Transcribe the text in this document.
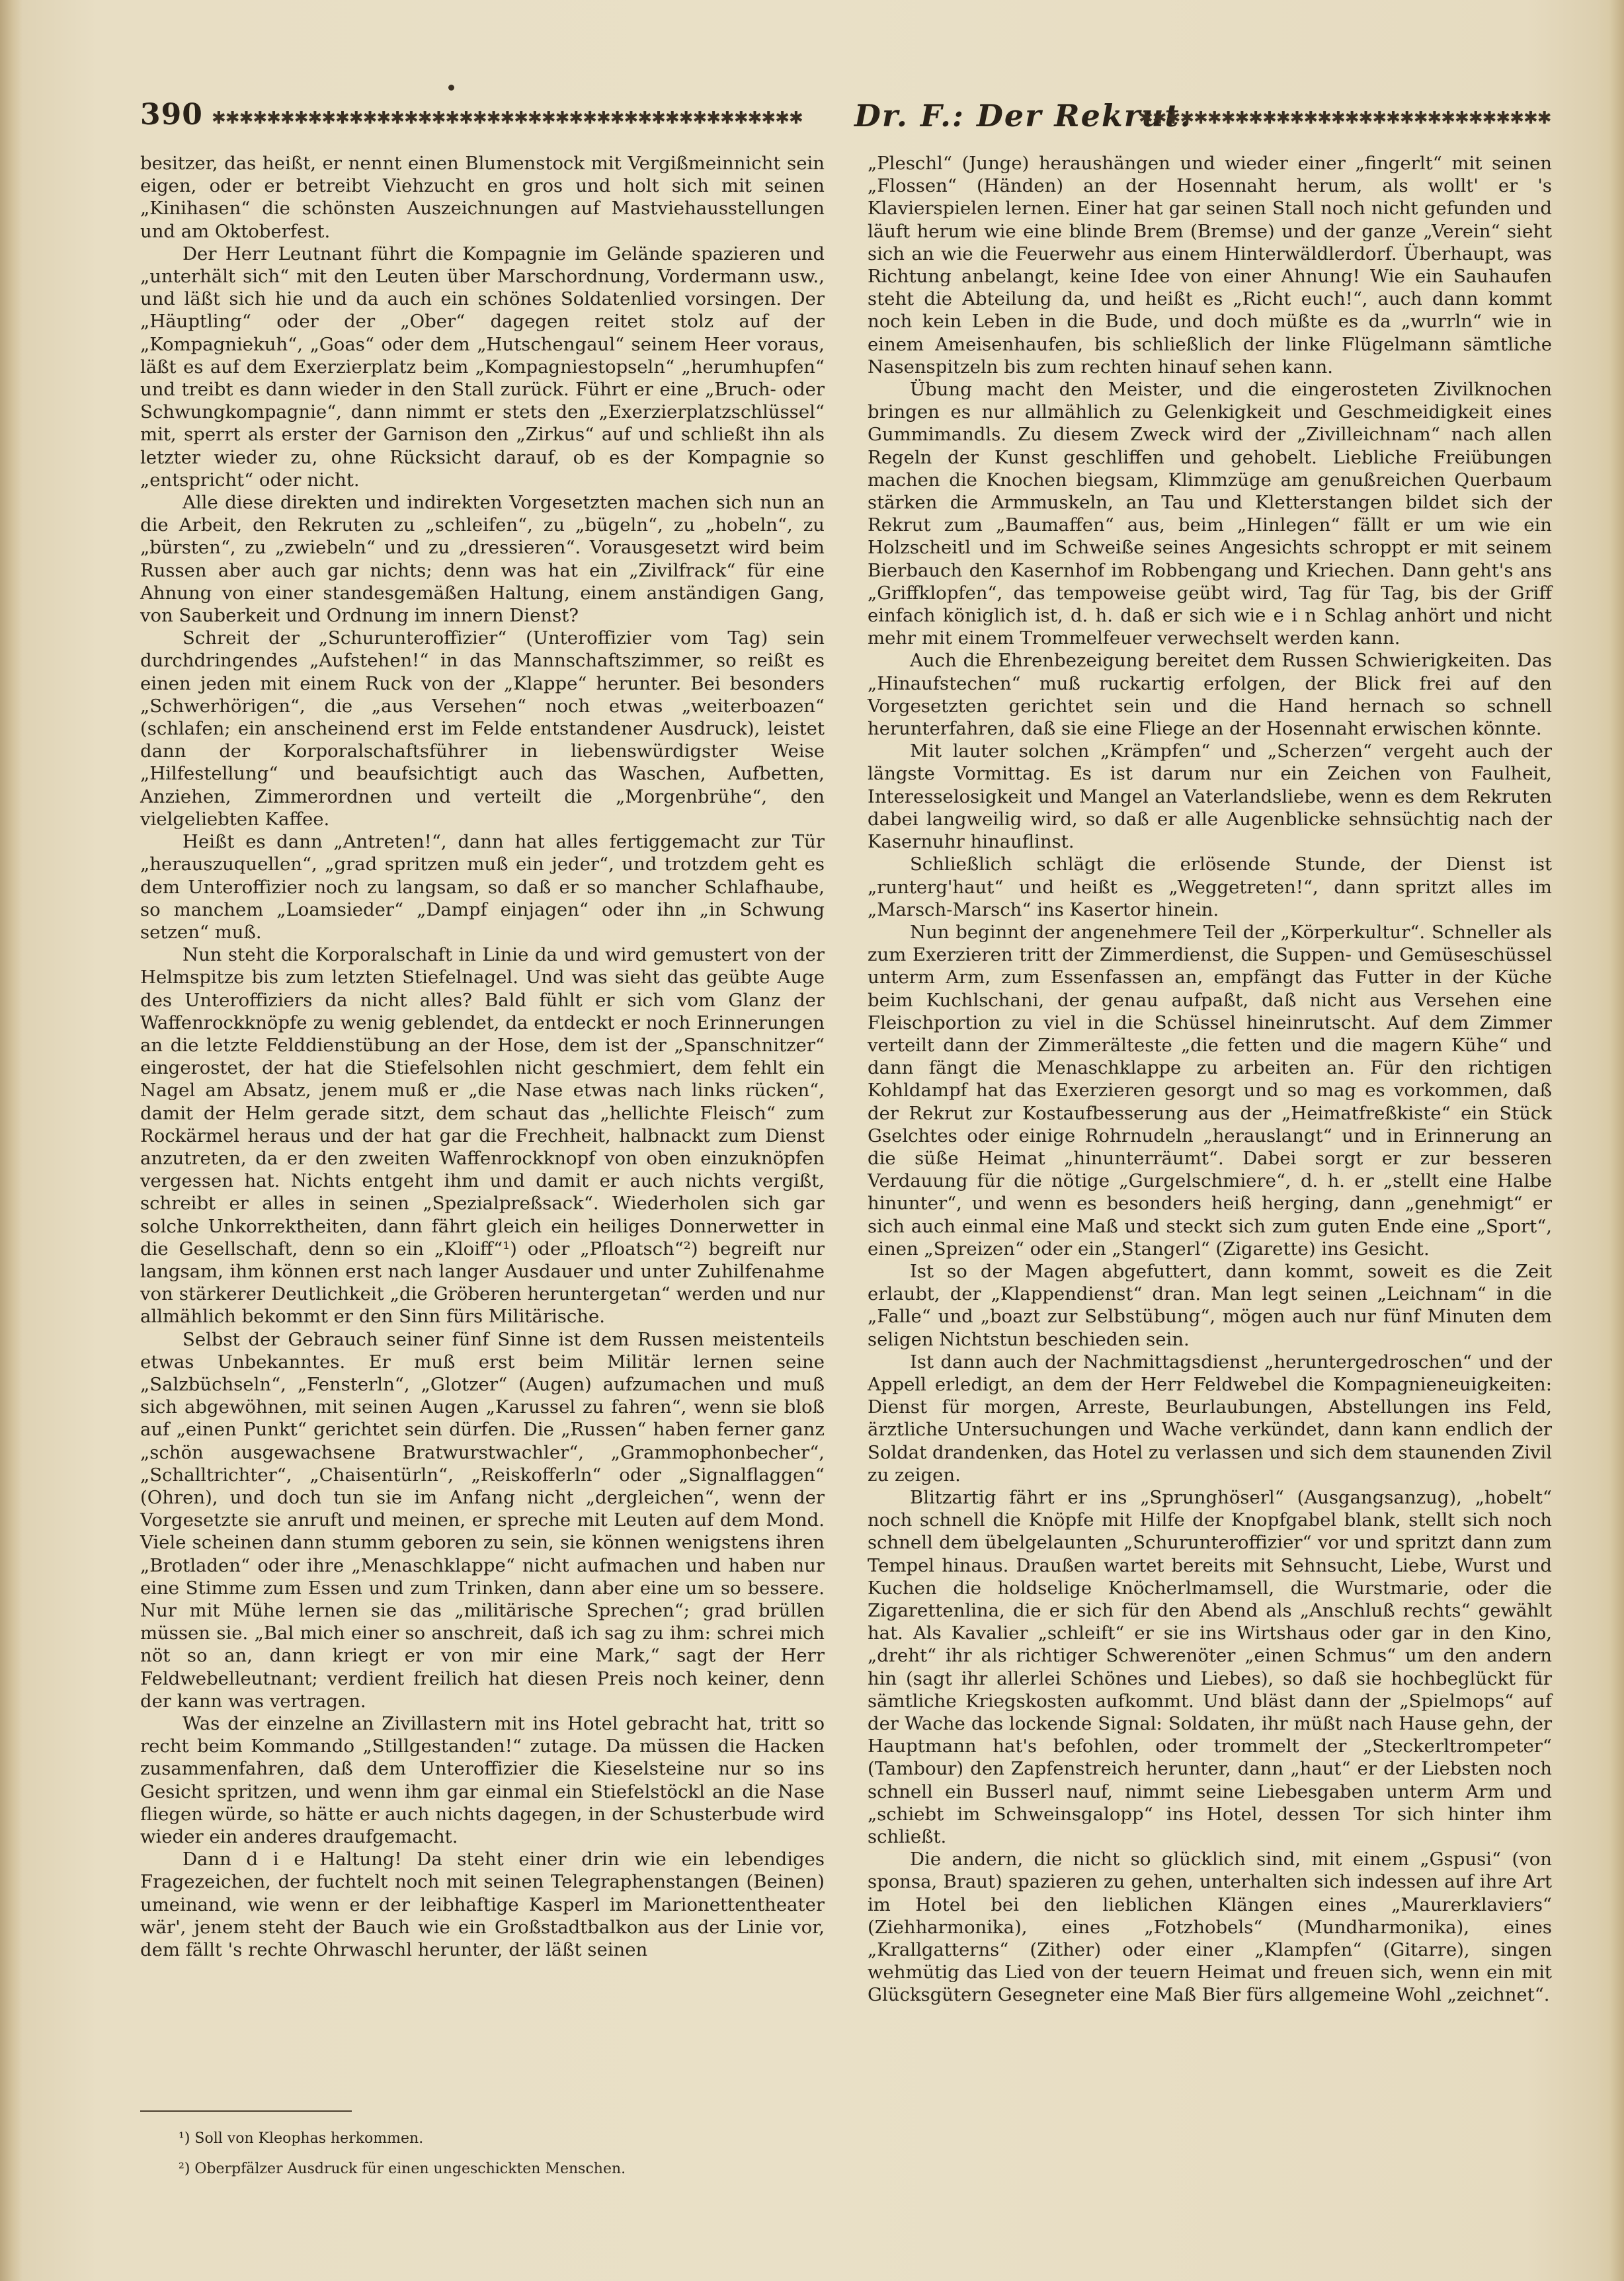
390 ✱✱✱✱✱✱✱✱✱✱✱✱✱✱✱✱✱✱✱✱✱✱✱✱✱✱✱✱✱✱✱✱✱✱✱✱✱✱✱✱✱✱✱	Dr. F.: Der Rekrut.
✱✱✱✱✱✱✱✱✱✱✱✱✱✱✱✱✱✱✱✱✱✱✱✱✱✱✱✱✱✱

besitzer, das heißt, er nennt einen Blumenstock mit Vergißmeinnicht sein eigen, oder er betreibt Viehzucht en gros und holt sich mit seinen „Kinihasen“ die schönsten Auszeichnungen auf Mastviehausstellungen und am Oktoberfest.

Der Herr Leutnant führt die Kompagnie im Gelände spazieren und „unterhält sich“ mit den Leuten über Marschordnung, Vordermann usw., und läßt sich hie und da auch ein schönes Soldatenlied vorsingen. Der „Häuptling“ oder der „Ober“ dagegen reitet stolz auf der „Kompagniekuh“, „Goas“ oder dem „Hutschengaul“ seinem Heer voraus, läßt es auf dem Exerzierplatz beim „Kompagniestopseln“ „herumhupfen“ und treibt es dann wieder in den Stall zurück. Führt er eine „Bruch- oder Schwungkompagnie“, dann nimmt er stets den „Exerzierplatzschlüssel“ mit, sperrt als erster der Garnison den „Zirkus“ auf und schließt ihn als letzter wieder zu, ohne Rücksicht darauf, ob es der Kompagnie so „entspricht“ oder nicht.

Alle diese direkten und indirekten Vorgesetzten machen sich nun an die Arbeit, den Rekruten zu „schleifen“, zu „bügeln“, zu „hobeln“, zu „bürsten“, zu „zwiebeln“ und zu „dressieren“. Vorausgesetzt wird beim Russen aber auch gar nichts; denn was hat ein „Zivilfrack“ für eine Ahnung von einer standesgemäßen Haltung, einem anständigen Gang, von Sauberkeit und Ordnung im innern Dienst?

Schreit der „Schurunteroffizier“ (Unteroffizier vom Tag) sein durchdringendes „Aufstehen!“ in das Mannschaftszimmer, so reißt es einen jeden mit einem Ruck von der „Klappe“ herunter. Bei besonders „Schwerhörigen“, die „aus Versehen“ noch etwas „weiterboazen“ (schlafen; ein anscheinend erst im Felde entstandener Ausdruck), leistet dann der Korporalschaftsführer in liebenswürdigster Weise „Hilfestellung“ und beaufsichtigt auch das Waschen, Aufbetten, Anziehen, Zimmerordnen und verteilt die „Morgenbrühe“, den vielgeliebten Kaffee.

Heißt es dann „Antreten!“, dann hat alles fertiggemacht zur Tür „herauszuquellen“, „grad spritzen muß ein jeder“, und trotzdem geht es dem Unteroffizier noch zu langsam, so daß er so mancher Schlafhaube, so manchem „Loamsieder“ „Dampf einjagen“ oder ihn „in Schwung setzen“ muß.

Nun steht die Korporalschaft in Linie da und wird gemustert von der Helmspitze bis zum letzten Stiefelnagel. Und was sieht das geübte Auge des Unteroffiziers da nicht alles? Bald fühlt er sich vom Glanz der Waffenrockknöpfe zu wenig geblendet, da entdeckt er noch Erinnerungen an die letzte Felddienstübung an der Hose, dem ist der „Spanschnitzer“ eingerostet, der hat die Stiefelsohlen nicht geschmiert, dem fehlt ein Nagel am Absatz, jenem muß er „die Nase etwas nach links rücken“, damit der Helm gerade sitzt, dem schaut das „hellichte Fleisch“ zum Rockärmel heraus und der hat gar die Frechheit, halbnackt zum Dienst anzutreten, da er den zweiten Waffenrockknopf von oben einzuknöpfen vergessen hat. Nichts entgeht ihm und damit er auch nichts vergißt, schreibt er alles in seinen „Spezialpreßsack“. Wiederholen sich gar solche Unkorrektheiten, dann fährt gleich ein heiliges Donnerwetter in die Gesellschaft, denn so ein „Kloiff“¹) oder „Pfloatsch“²) begreift nur langsam, ihm können erst nach langer Ausdauer und unter Zuhilfenahme von stärkerer Deutlichkeit „die Gröberen heruntergetan“ werden und nur allmählich bekommt er den Sinn fürs Militärische.

Selbst der Gebrauch seiner fünf Sinne ist dem Russen meistenteils etwas Unbekanntes. Er muß erst beim Militär lernen seine „Salzbüchseln“, „Fensterln“, „Glotzer“ (Augen) aufzumachen und muß sich abgewöhnen, mit seinen Augen „Karussel zu fahren“, wenn sie bloß auf „einen Punkt“ gerichtet sein dürfen. Die „Russen“ haben ferner ganz „schön ausgewachsene Bratwurstwachler“, „Grammophonbecher“, „Schalltrichter“, „Chaisentürln“, „Reiskofferln“ oder „Signalflaggen“ (Ohren), und doch tun sie im Anfang nicht „dergleichen“, wenn der Vorgesetzte sie anruft und meinen, er spreche mit Leuten auf dem Mond. Viele scheinen dann stumm geboren zu sein, sie können wenigstens ihren „Brotladen“ oder ihre „Menaschklappe“ nicht aufmachen und haben nur eine Stimme zum Essen und zum Trinken, dann aber eine um so bessere. Nur mit Mühe lernen sie das „militärische Sprechen“; grad brüllen müssen sie. „Bal mich einer so anschreit, daß ich sag zu ihm: schrei mich nöt so an, dann kriegt er von mir eine Mark,“ sagt der Herr Feldwebelleutnant; verdient freilich hat diesen Preis noch keiner, denn der kann was vertragen.

Was der einzelne an Zivillastern mit ins Hotel gebracht hat, tritt so recht beim Kommando „Stillgestanden!“ zutage. Da müssen die Hacken zusammenfahren, daß dem Unteroffizier die Kieselsteine nur so ins Gesicht spritzen, und wenn ihm gar einmal ein Stiefelstöckl an die Nase fliegen würde, so hätte er auch nichts dagegen, in der Schusterbude wird wieder ein anderes draufgemacht.

Dann d i e Haltung! Da steht einer drin wie ein lebendiges Fragezeichen, der fuchtelt noch mit seinen Telegraphenstangen (Beinen) umeinand, wie wenn er der leibhaftige Kasperl im Marionettentheater wär', jenem steht der Bauch wie ein Großstadtbalkon aus der Linie vor, dem fällt 's rechte Ohrwaschl herunter, der läßt seinen

„Pleschl“ (Junge) heraushängen und wieder einer „fingerlt“ mit seinen „Flossen“ (Händen) an der Hosennaht herum, als wollt' er 's Klavierspielen lernen. Einer hat gar seinen Stall noch nicht gefunden und läuft herum wie eine blinde Brem (Bremse) und der ganze „Verein“ sieht sich an wie die Feuerwehr aus einem Hinterwäldlerdorf. Überhaupt, was Richtung anbelangt, keine Idee von einer Ahnung! Wie ein Sauhaufen steht die Abteilung da, und heißt es „Richt euch!“, auch dann kommt noch kein Leben in die Bude, und doch müßte es da „wurrln“ wie in einem Ameisenhaufen, bis schließlich der linke Flügelmann sämtliche Nasenspitzeln bis zum rechten hinauf sehen kann.

Übung macht den Meister, und die eingerosteten Zivilknochen bringen es nur allmählich zu Gelenkigkeit und Geschmeidigkeit eines Gummimandls. Zu diesem Zweck wird der „Zivilleichnam“ nach allen Regeln der Kunst geschliffen und gehobelt. Liebliche Freiübungen machen die Knochen biegsam, Klimmzüge am genußreichen Querbaum stärken die Armmuskeln, an Tau und Kletterstangen bildet sich der Rekrut zum „Baumaffen“ aus, beim „Hinlegen“ fällt er um wie ein Holzscheitl und im Schweiße seines Angesichts schroppt er mit seinem Bierbauch den Kasernhof im Robbengang und Kriechen. Dann geht's ans „Griffklopfen“, das tempoweise geübt wird, Tag für Tag, bis der Griff einfach königlich ist, d. h. daß er sich wie e i n Schlag anhört und nicht mehr mit einem Trommelfeuer verwechselt werden kann.

Auch die Ehrenbezeigung bereitet dem Russen Schwierigkeiten. Das „Hinaufstechen“ muß ruckartig erfolgen, der Blick frei auf den Vorgesetzten gerichtet sein und die Hand hernach so schnell herunterfahren, daß sie eine Fliege an der Hosennaht erwischen könnte.

Mit lauter solchen „Krämpfen“ und „Scherzen“ vergeht auch der längste Vormittag. Es ist darum nur ein Zeichen von Faulheit, Interesselosigkeit und Mangel an Vaterlandsliebe, wenn es dem Rekruten dabei langweilig wird, so daß er alle Augenblicke sehnsüchtig nach der Kasernuhr hinauflinst.

Schließlich schlägt die erlösende Stunde, der Dienst ist „runterg'haut“ und heißt es „Weggetreten!“, dann spritzt alles im „Marsch-Marsch“ ins Kasertor hinein.

Nun beginnt der angenehmere Teil der „Körperkultur“. Schneller als zum Exerzieren tritt der Zimmerdienst, die Suppen- und Gemüseschüssel unterm Arm, zum Essenfassen an, empfängt das Futter in der Küche beim Kuchlschani, der genau aufpaßt, daß nicht aus Versehen eine Fleischportion zu viel in die Schüssel hineinrutscht. Auf dem Zimmer verteilt dann der Zimmerälteste „die fetten und die magern Kühe“ und dann fängt die Menaschklappe zu arbeiten an. Für den richtigen Kohldampf hat das Exerzieren gesorgt und so mag es vorkommen, daß der Rekrut zur Kostaufbesserung aus der „Heimatfreßkiste“ ein Stück Gselchtes oder einige Rohrnudeln „herauslangt“ und in Erinnerung an die süße Heimat „hinunterräumt“. Dabei sorgt er zur besseren Verdauung für die nötige „Gurgelschmiere“, d. h. er „stellt eine Halbe hinunter“, und wenn es besonders heiß herging, dann „genehmigt“ er sich auch einmal eine Maß und steckt sich zum guten Ende eine „Sport“, einen „Spreizen“ oder ein „Stangerl“ (Zigarette) ins Gesicht.

Ist so der Magen abgefuttert, dann kommt, soweit es die Zeit erlaubt, der „Klappendienst“ dran. Man legt seinen „Leichnam“ in die „Falle“ und „boazt zur Selbstübung“, mögen auch nur fünf Minuten dem seligen Nichtstun beschieden sein.

Ist dann auch der Nachmittagsdienst „heruntergedroschen“ und der Appell erledigt, an dem der Herr Feldwebel die Kompagnieneuigkeiten: Dienst für morgen, Arreste, Beurlaubungen, Abstellungen ins Feld, ärztliche Untersuchungen und Wache verkündet, dann kann endlich der Soldat drandenken, das Hotel zu verlassen und sich dem staunenden Zivil zu zeigen.

Blitzartig fährt er ins „Sprunghöserl“ (Ausgangsanzug), „hobelt“ noch schnell die Knöpfe mit Hilfe der Knopfgabel blank, stellt sich noch schnell dem übelgelaunten „Schurunteroffizier“ vor und spritzt dann zum Tempel hinaus. Draußen wartet bereits mit Sehnsucht, Liebe, Wurst und Kuchen die holdselige Knöcherlmamsell, die Wurstmarie, oder die Zigarettenlina, die er sich für den Abend als „Anschluß rechts“ gewählt hat. Als Kavalier „schleift“ er sie ins Wirtshaus oder gar in den Kino, „dreht“ ihr als richtiger Schwerenöter „einen Schmus“ um den andern hin (sagt ihr allerlei Schönes und Liebes), so daß sie hochbeglückt für sämtliche Kriegskosten aufkommt. Und bläst dann der „Spielmops“ auf der Wache das lockende Signal: Soldaten, ihr müßt nach Hause gehn, der Hauptmann hat's befohlen, oder trommelt der „Steckerltrompeter“ (Tambour) den Zapfenstreich herunter, dann „haut“ er der Liebsten noch schnell ein Busserl nauf, nimmt seine Liebesgaben unterm Arm und „schiebt im Schweinsgalopp“ ins Hotel, dessen Tor sich hinter ihm schließt.

Die andern, die nicht so glücklich sind, mit einem „Gspusi“ (von sponsa, Braut) spazieren zu gehen, unterhalten sich indessen auf ihre Art im Hotel bei den lieblichen Klängen eines „Maurerklaviers“ (Ziehharmonika), eines „Fotzhobels“ (Mundharmonika), eines „Krallgatterns“ (Zither) oder einer „Klampfen“ (Gitarre), singen wehmütig das Lied von der teuern Heimat und freuen sich, wenn ein mit Glücksgütern Gesegneter eine Maß Bier fürs allgemeine Wohl „zeichnet“.

¹) Soll von Kleophas herkommen.
²) Oberpfälzer Ausdruck für einen ungeschickten Menschen.
